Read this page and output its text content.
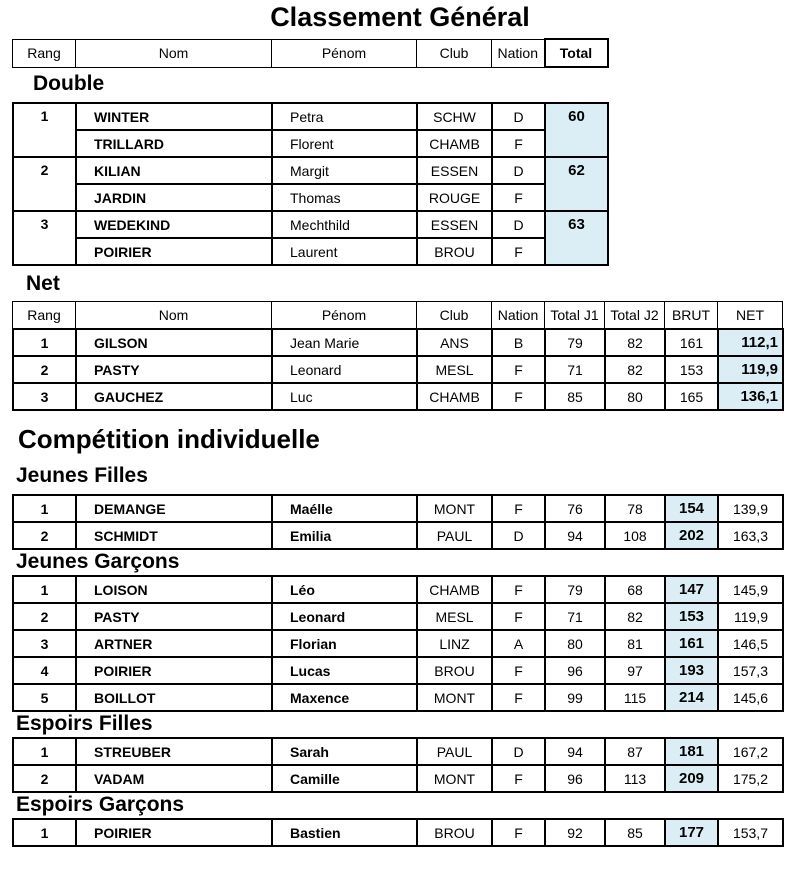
Classement Général
Rang	Nom	Pénom	Club	Nation	Total
Double
1	WINTER	Petra	SCHW	D	60
	TRILLARD	Florent	CHAMB	F	
2	KILIAN	Margit	ESSEN	D	62
	JARDIN	Thomas	ROUGE	F	
3	WEDEKIND	Mechthild	ESSEN	D	63
	POIRIER	Laurent	BROU	F	
Net
Rang	Nom	Pénom	Club	Nation	Total J1	Total J2	BRUT	NET
1	GILSON	Jean Marie	ANS	B	79	82	161	112,1
2	PASTY	Leonard	MESL	F	71	82	153	119,9
3	GAUCHEZ	Luc	CHAMB	F	85	80	165	136,1
Compétition individuelle
Jeunes Filles
1	DEMANGE	Maélle	MONT	F	76	78	154	139,9
2	SCHMIDT	Emilia	PAUL	D	94	108	202	163,3
Jeunes Garçons
1	LOISON	Léo	CHAMB	F	79	68	147	145,9
2	PASTY	Leonard	MESL	F	71	82	153	119,9
3	ARTNER	Florian	LINZ	A	80	81	161	146,5
4	POIRIER	Lucas	BROU	F	96	97	193	157,3
5	BOILLOT	Maxence	MONT	F	99	115	214	145,6
Espoirs Filles
1	STREUBER	Sarah	PAUL	D	94	87	181	167,2
2	VADAM	Camille	MONT	F	96	113	209	175,2
Espoirs Garçons
1	POIRIER	Bastien	BROU	F	92	85	177	153,7
